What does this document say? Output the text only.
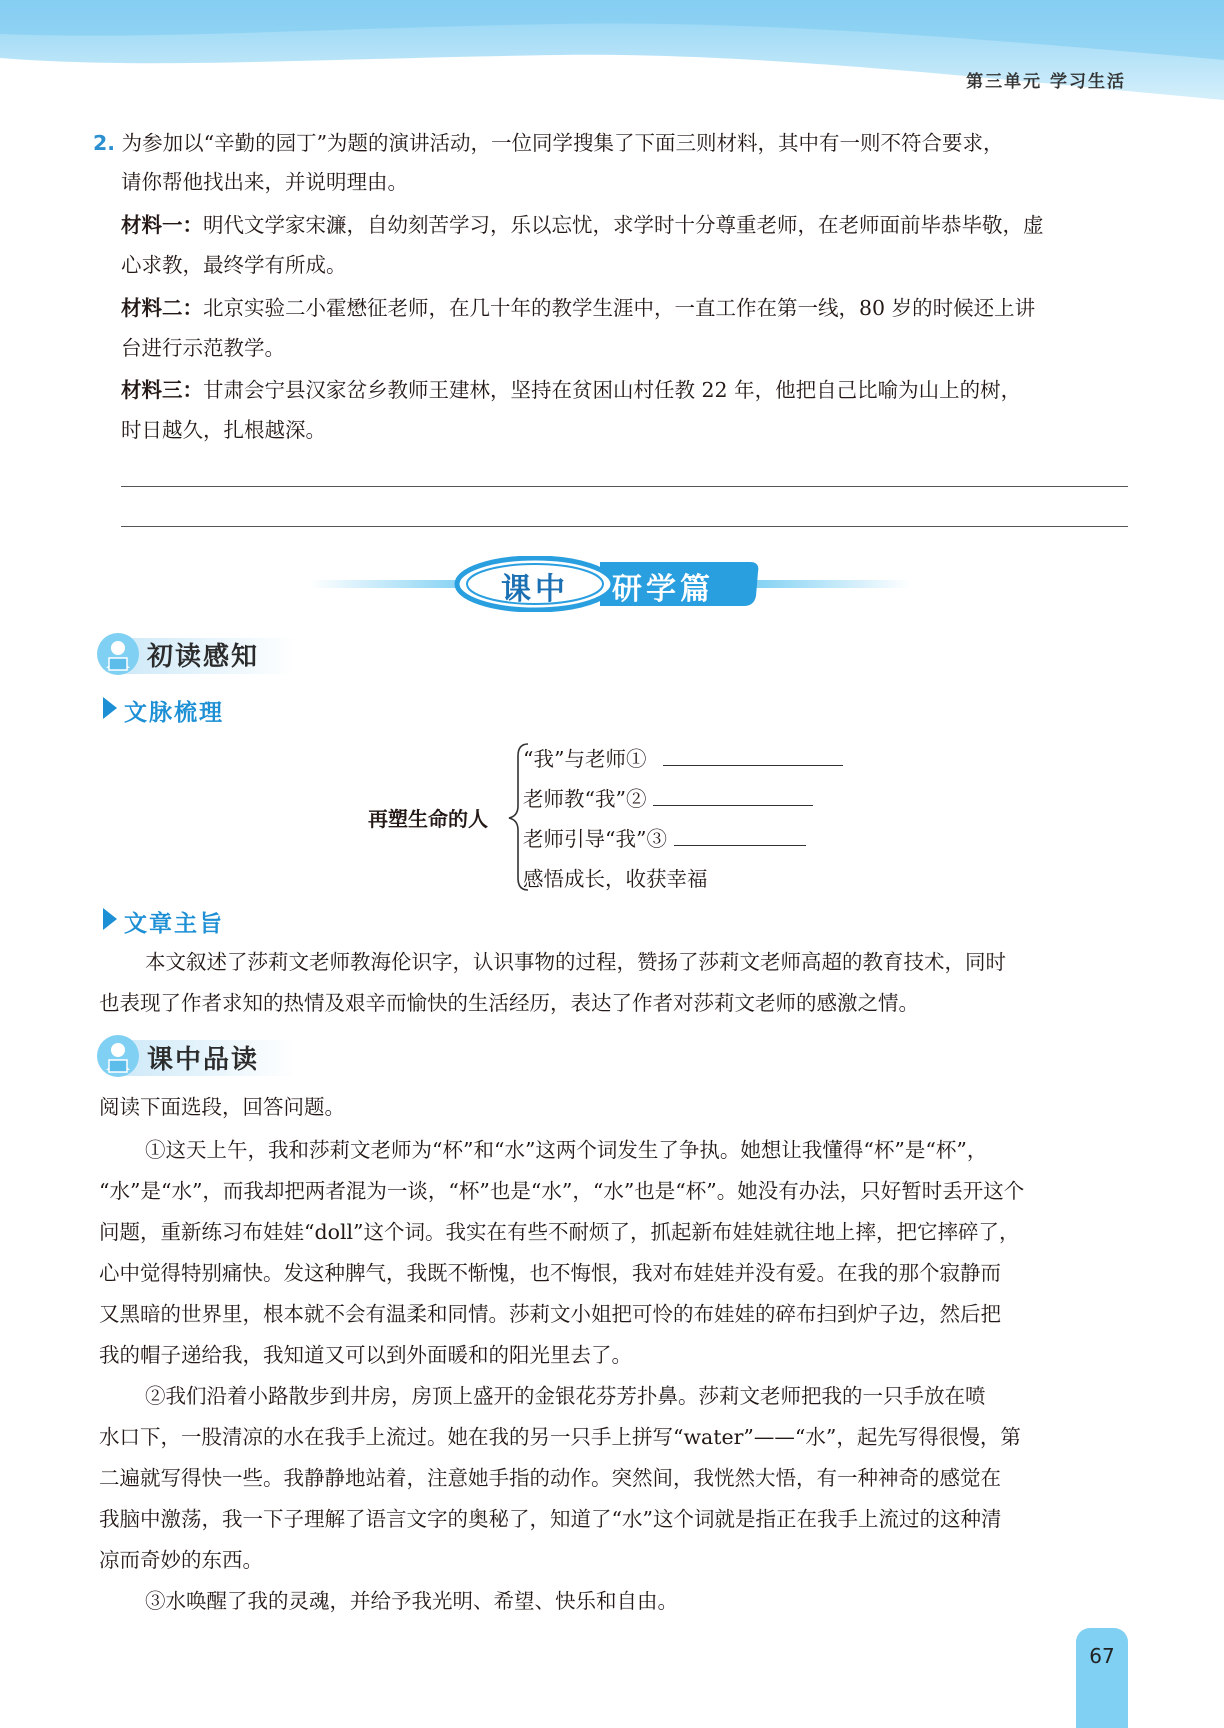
第三单元 学习生活
2. 为参加以“辛勤的园丁”为题的演讲活动，一位同学搜集了下面三则材料，其中有一则不符合要求，
请你帮他找出来，并说明理由。
材料一：明代文学家宋濂，自幼刻苦学习，乐以忘忧，求学时十分尊重老师，在老师面前毕恭毕敬，虚
心求教，最终学有所成。
材料二：北京实验二小霍懋征老师，在几十年的教学生涯中，一直工作在第一线，80 岁的时候还上讲
台进行示范教学。
材料三：甘肃会宁县汉家岔乡教师王建林，坚持在贫困山村任教 22 年，他把自己比喻为山上的树，
时日越久，扎根越深。
课中	研学篇
初读感知
文脉梳理
再塑生命的人
“我”与老师①
老师教“我”②
老师引导“我”③
感悟成长，收获幸福
文章主旨
本文叙述了莎莉文老师教海伦识字，认识事物的过程，赞扬了莎莉文老师高超的教育技术，同时
也表现了作者求知的热情及艰辛而愉快的生活经历，表达了作者对莎莉文老师的感激之情。
课中品读
阅读下面选段，回答问题。
①这天上午，我和莎莉文老师为“杯”和“水”这两个词发生了争执。她想让我懂得“杯”是“杯”，
“水”是“水”，而我却把两者混为一谈，“杯”也是“水”，“水”也是“杯”。她没有办法，只好暂时丢开这个
问题，重新练习布娃娃“doll”这个词。我实在有些不耐烦了，抓起新布娃娃就往地上摔，把它摔碎了，
心中觉得特别痛快。发这种脾气，我既不惭愧，也不悔恨，我对布娃娃并没有爱。在我的那个寂静而
又黑暗的世界里，根本就不会有温柔和同情。莎莉文小姐把可怜的布娃娃的碎布扫到炉子边，然后把
我的帽子递给我，我知道又可以到外面暖和的阳光里去了。
②我们沿着小路散步到井房，房顶上盛开的金银花芬芳扑鼻。莎莉文老师把我的一只手放在喷
水口下，一股清凉的水在我手上流过。她在我的另一只手上拼写“water”——“水”，起先写得很慢，第
二遍就写得快一些。我静静地站着，注意她手指的动作。突然间，我恍然大悟，有一种神奇的感觉在
我脑中激荡，我一下子理解了语言文字的奥秘了，知道了“水”这个词就是指正在我手上流过的这种清
凉而奇妙的东西。
③水唤醒了我的灵魂，并给予我光明、希望、快乐和自由。
67
